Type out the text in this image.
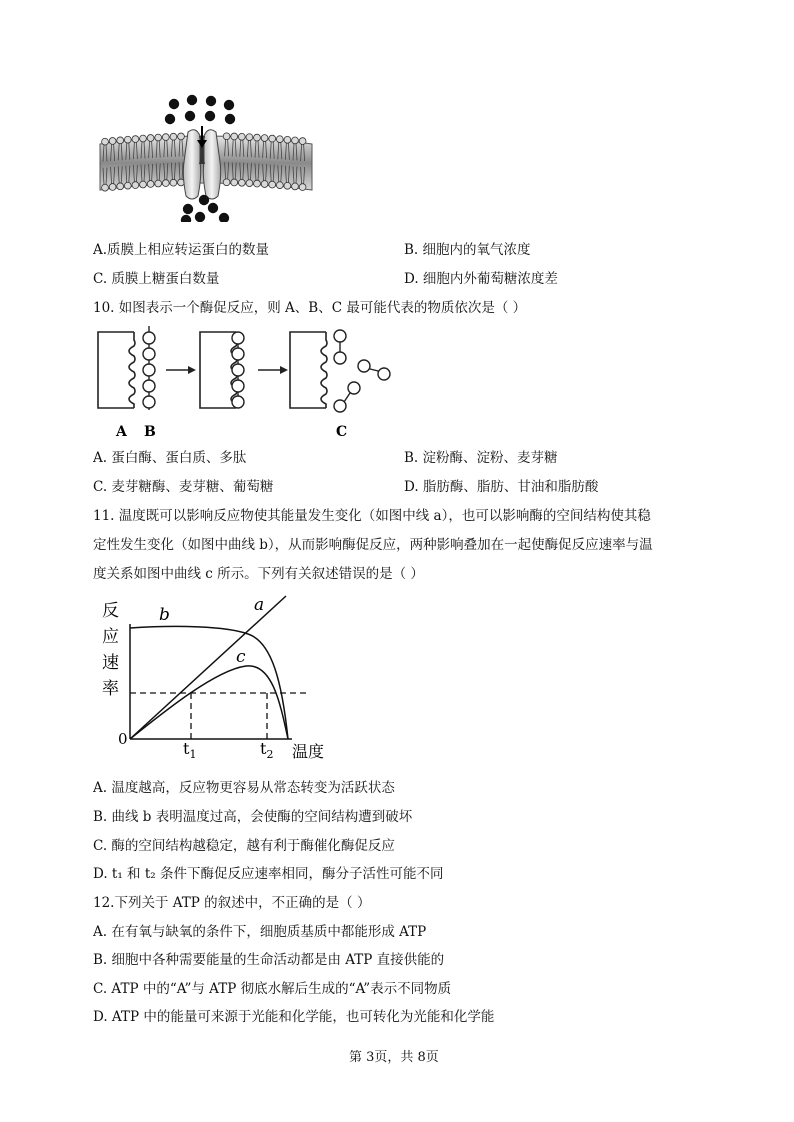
A.质膜上相应转运蛋白的数量	B. 细胞内的氧气浓度
C. 质膜上糖蛋白数量	D. 细胞内外葡萄糖浓度差
10. 如图表示一个酶促反应，则 A、B、C 最可能代表的物质依次是（ ）
A B	C
A. 蛋白酶、蛋白质、多肽	B. 淀粉酶、淀粉、麦芽糖
C. 麦芽糖酶、麦芽糖、葡萄糖	D. 脂肪酶、脂肪、甘油和脂肪酸
11. 温度既可以影响反应物使其能量发生变化（如图中线 a），也可以影响酶的空间结构使其稳
定性发生变化（如图中曲线 b），从而影响酶促反应，两种影响叠加在一起使酶促反应速率与温
度关系如图中曲线 c 所示。下列有关叙述错误的是（ ）
反
应
速
率
0
温度
a
b
c
$t_1$	$t_2$
A. 温度越高，反应物更容易从常态转变为活跃状态
B. 曲线 b 表明温度过高，会使酶的空间结构遭到破坏
C. 酶的空间结构越稳定，越有利于酶催化酶促反应
D. t₁ 和 t₂ 条件下酶促反应速率相同，酶分子活性可能不同
12.下列关于 ATP 的叙述中，不正确的是（ ）
A. 在有氧与缺氧的条件下，细胞质基质中都能形成 ATP
B. 细胞中各种需要能量的生命活动都是由 ATP 直接供能的
C. ATP 中的“A”与 ATP 彻底水解后生成的“A”表示不同物质
D. ATP 中的能量可来源于光能和化学能，也可转化为光能和化学能
第 3页，共 8页
